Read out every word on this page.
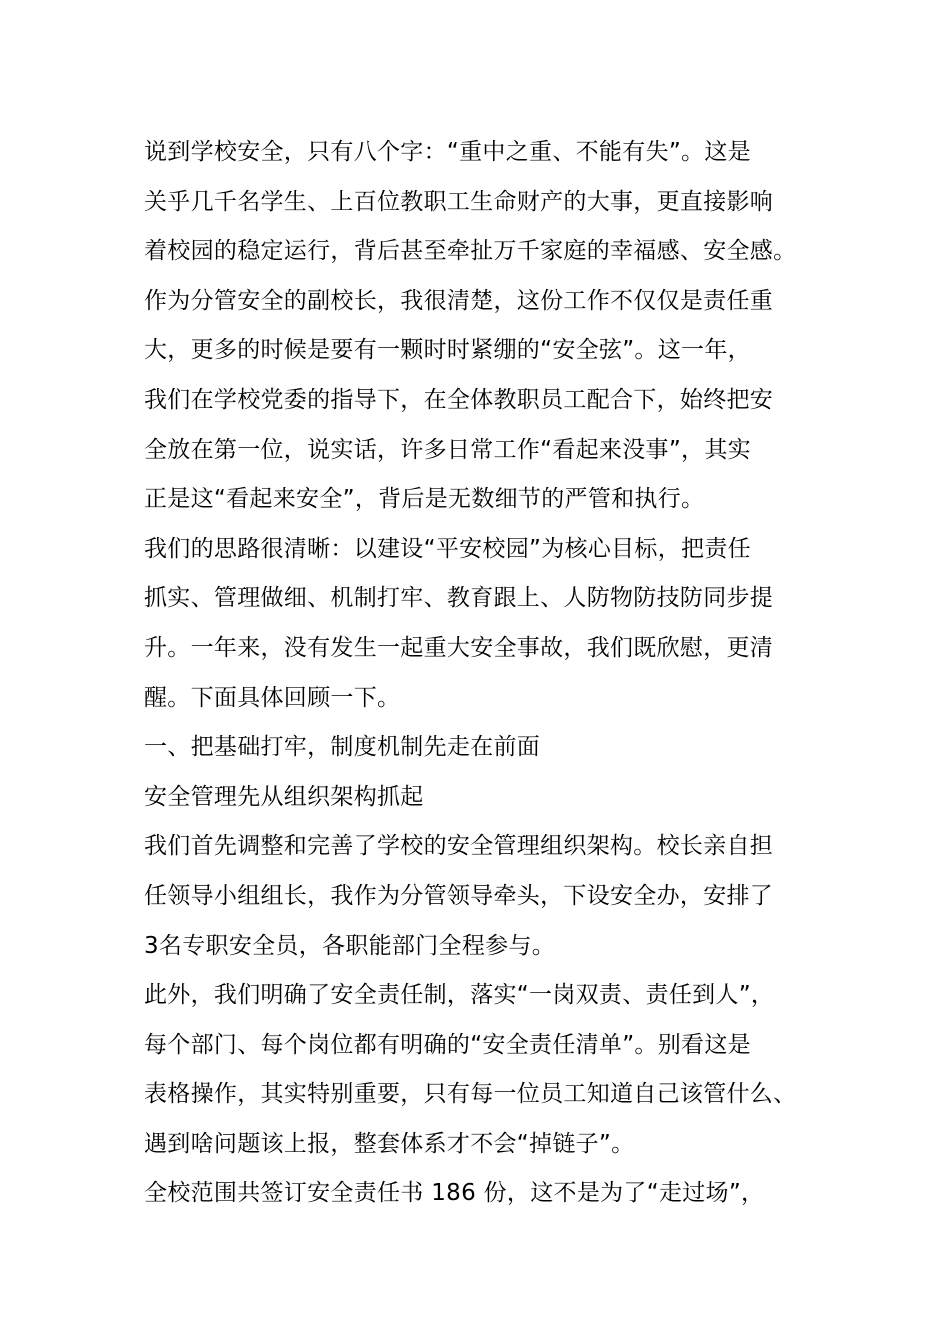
说到学校安全，只有八个字：“重中之重、不能有失”。这是
关乎几千名学生、上百位教职工生命财产的大事，更直接影响
着校园的稳定运行，背后甚至牵扯万千家庭的幸福感、安全感。
作为分管安全的副校长，我很清楚，这份工作不仅仅是责任重
大，更多的时候是要有一颗时时紧绷的“安全弦”。这一年，
我们在学校党委的指导下，在全体教职员工配合下，始终把安
全放在第一位，说实话，许多日常工作“看起来没事”，其实
正是这“看起来安全”，背后是无数细节的严管和执行。
我们的思路很清晰：以建设“平安校园”为核心目标，把责任
抓实、管理做细、机制打牢、教育跟上、人防物防技防同步提
升。一年来，没有发生一起重大安全事故，我们既欣慰，更清
醒。下面具体回顾一下。
一、把基础打牢，制度机制先走在前面
安全管理先从组织架构抓起
我们首先调整和完善了学校的安全管理组织架构。校长亲自担
任领导小组组长，我作为分管领导牵头，下设安全办，安排了
3名专职安全员，各职能部门全程参与。
此外，我们明确了安全责任制，落实“一岗双责、责任到人”，
每个部门、每个岗位都有明确的“安全责任清单”。别看这是
表格操作，其实特别重要，只有每一位员工知道自己该管什么、
遇到啥问题该上报，整套体系才不会“掉链子”。
全校范围共签订安全责任书 186 份，这不是为了“走过场”，
